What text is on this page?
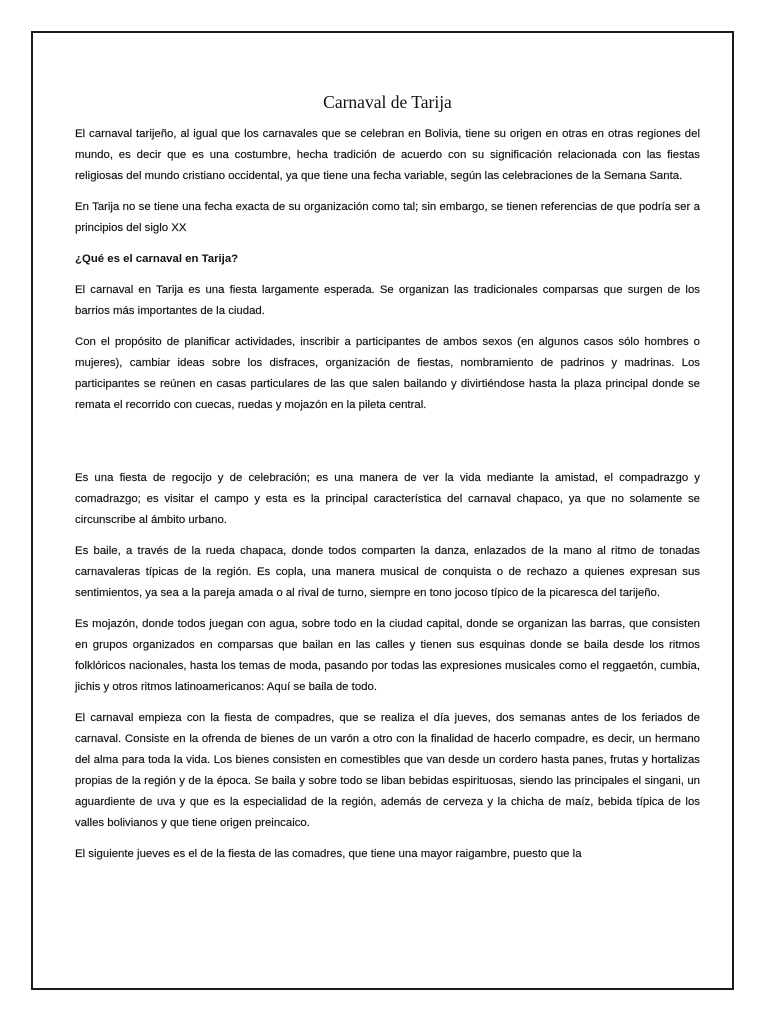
Carnaval de Tarija

El carnaval tarijeño, al igual que los carnavales que se celebran en Bolivia, tiene su origen en otras en otras regiones del mundo, es decir que es una costumbre, hecha tradición de acuerdo con su significación relacionada con las fiestas religiosas del mundo cristiano occidental, ya que tiene una fecha variable, según las celebraciones de la Semana Santa.

En Tarija no se tiene una fecha exacta de su organización como tal; sin embargo, se tienen referencias de que podría ser a principios del siglo XX

¿Qué es el carnaval en Tarija?

El carnaval en Tarija es una fiesta largamente esperada. Se organizan las tradicionales comparsas que surgen de los barrios más importantes de la ciudad.

Con el propósito de planificar actividades, inscribir a participantes de ambos sexos (en algunos casos sólo hombres o mujeres), cambiar ideas sobre los disfraces, organización de fiestas, nombramiento de padrinos y madrinas. Los participantes se reúnen en casas particulares de las que salen bailando y divirtiéndose hasta la plaza principal donde se remata el recorrido con cuecas, ruedas y mojazón en la pileta central.

Es una fiesta de regocijo y de celebración; es una manera de ver la vida mediante la amistad, el compadrazgo y comadrazgo; es visitar el campo y esta es la principal característica del carnaval chapaco, ya que no solamente se circunscribe al ámbito urbano.

Es baile, a través de la rueda chapaca, donde todos comparten la danza, enlazados de la mano al ritmo de tonadas carnavaleras típicas de la región. Es copla, una manera musical de conquista o de rechazo a quienes expresan sus sentimientos, ya sea a la pareja amada o al rival de turno, siempre en tono jocoso típico de la picaresca del tarijeño.

Es mojazón, donde todos juegan con agua, sobre todo en la ciudad capital, donde se organizan las barras, que consisten en grupos organizados en comparsas que bailan en las calles y tienen sus esquinas donde se baila desde los ritmos folklóricos nacionales, hasta los temas de moda, pasando por todas las expresiones musicales como el reggaetón, cumbia, jichis y otros ritmos latinoamericanos: Aquí se baila de todo.

El carnaval empieza con la fiesta de compadres, que se realiza el día jueves, dos semanas antes de los feriados de carnaval. Consiste en la ofrenda de bienes de un varón a otro con la finalidad de hacerlo compadre, es decir, un hermano del alma para toda la vida. Los bienes consisten en comestibles que van desde un cordero hasta panes, frutas y hortalizas propias de la región y de la época. Se baila y sobre todo se liban bebidas espirituosas, siendo las principales el singani, un aguardiente de uva y que es la especialidad de la región, además de cerveza y la chicha de maíz, bebida típica de los valles bolivianos y que tiene origen preincaico.

El siguiente jueves es el de la fiesta de las comadres, que tiene una mayor raigambre, puesto que la
